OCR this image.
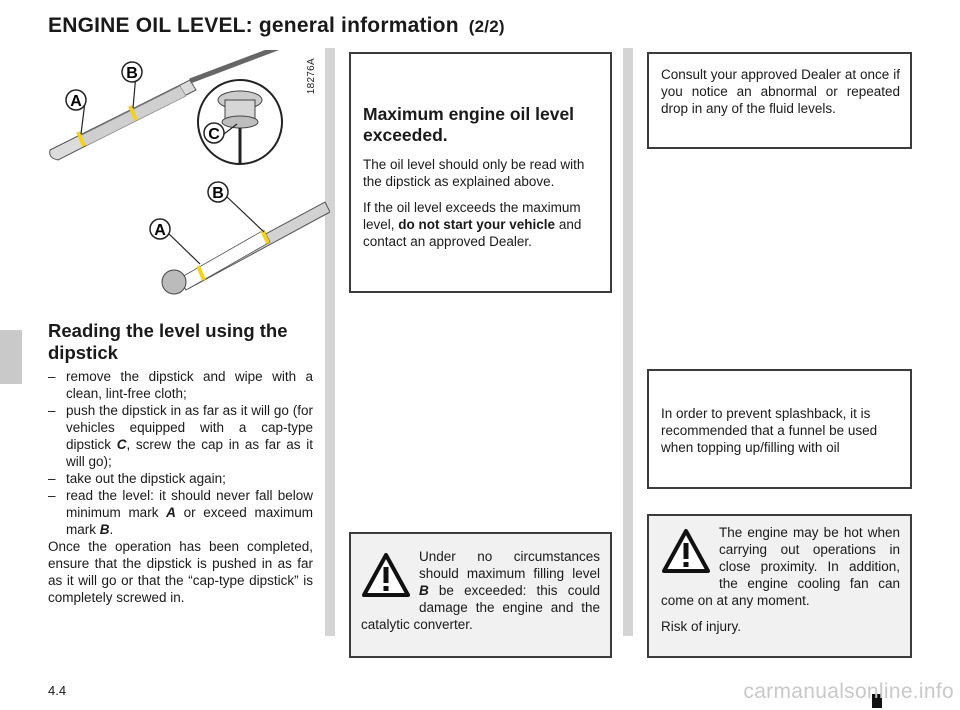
ENGINE OIL LEVEL: general information (2/2)
A
B
C
A
B
18276A
Reading the level using the dipstick
– remove the dipstick and wipe with a clean, lint-free cloth;
– push the dipstick in as far as it will go (for vehicles equipped with a cap-type dipstick C, screw the cap in as far as it will go);
– take out the dipstick again;
– read the level: it should never fall below minimum mark A or exceed maximum mark B.

Once the operation has been completed, ensure that the dipstick is pushed in as far as it will go or that the “cap-type dipstick” is completely screwed in.

Maximum engine oil level exceeded.

The oil level should only be read with the dipstick as explained above.

If the oil level exceeds the maximum level, do not start your vehicle and contact an approved Dealer.

Under no circumstances should maximum filling level B be exceeded: this could damage the engine and the catalytic converter.

Consult your approved Dealer at once if you notice an abnormal or repeated drop in any of the fluid levels.

In order to prevent splashback, it is recommended that a funnel be used when topping up/filling with oil

The engine may be hot when carrying out operations in close proximity. In addition, the engine cooling fan can come on at any moment.

Risk of injury.

4.4	carmanualsonline.info
